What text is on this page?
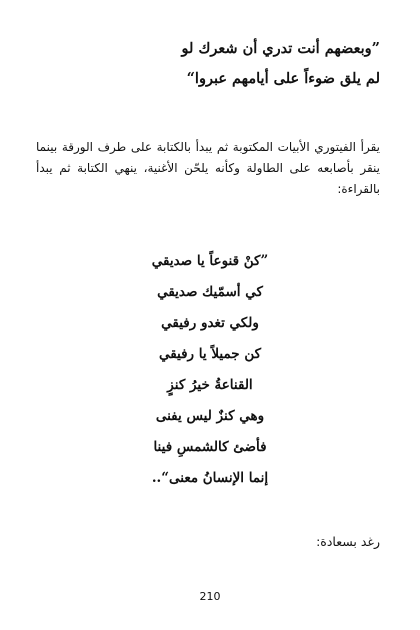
”وبعضهم أنت تدري أن شعرك لو

لم يلق ضوءاً على أيامهم عبروا“

يقرأ الفيتوري الأبيات المكتوبة ثم يبدأ بالكتابة على طرف الورقة بينما ينقر بأصابعه على الطاولة وكأنه يلحّن الأغنية، ينهي الكتابة ثم يبدأ بالقراءة:

”كنْ قنوعاً يا صديقي
كي أسمّيك صديقي
ولكي تغدو رفيقي
كن جميلاً يا رفيقي
القناعةُ خيرُ كنزٍ
وهي كنزٌ ليس يفنى
فأضئ كالشمسِ فينا
إنما الإنسانُ معنى“..

رغد بسعادة:

210
